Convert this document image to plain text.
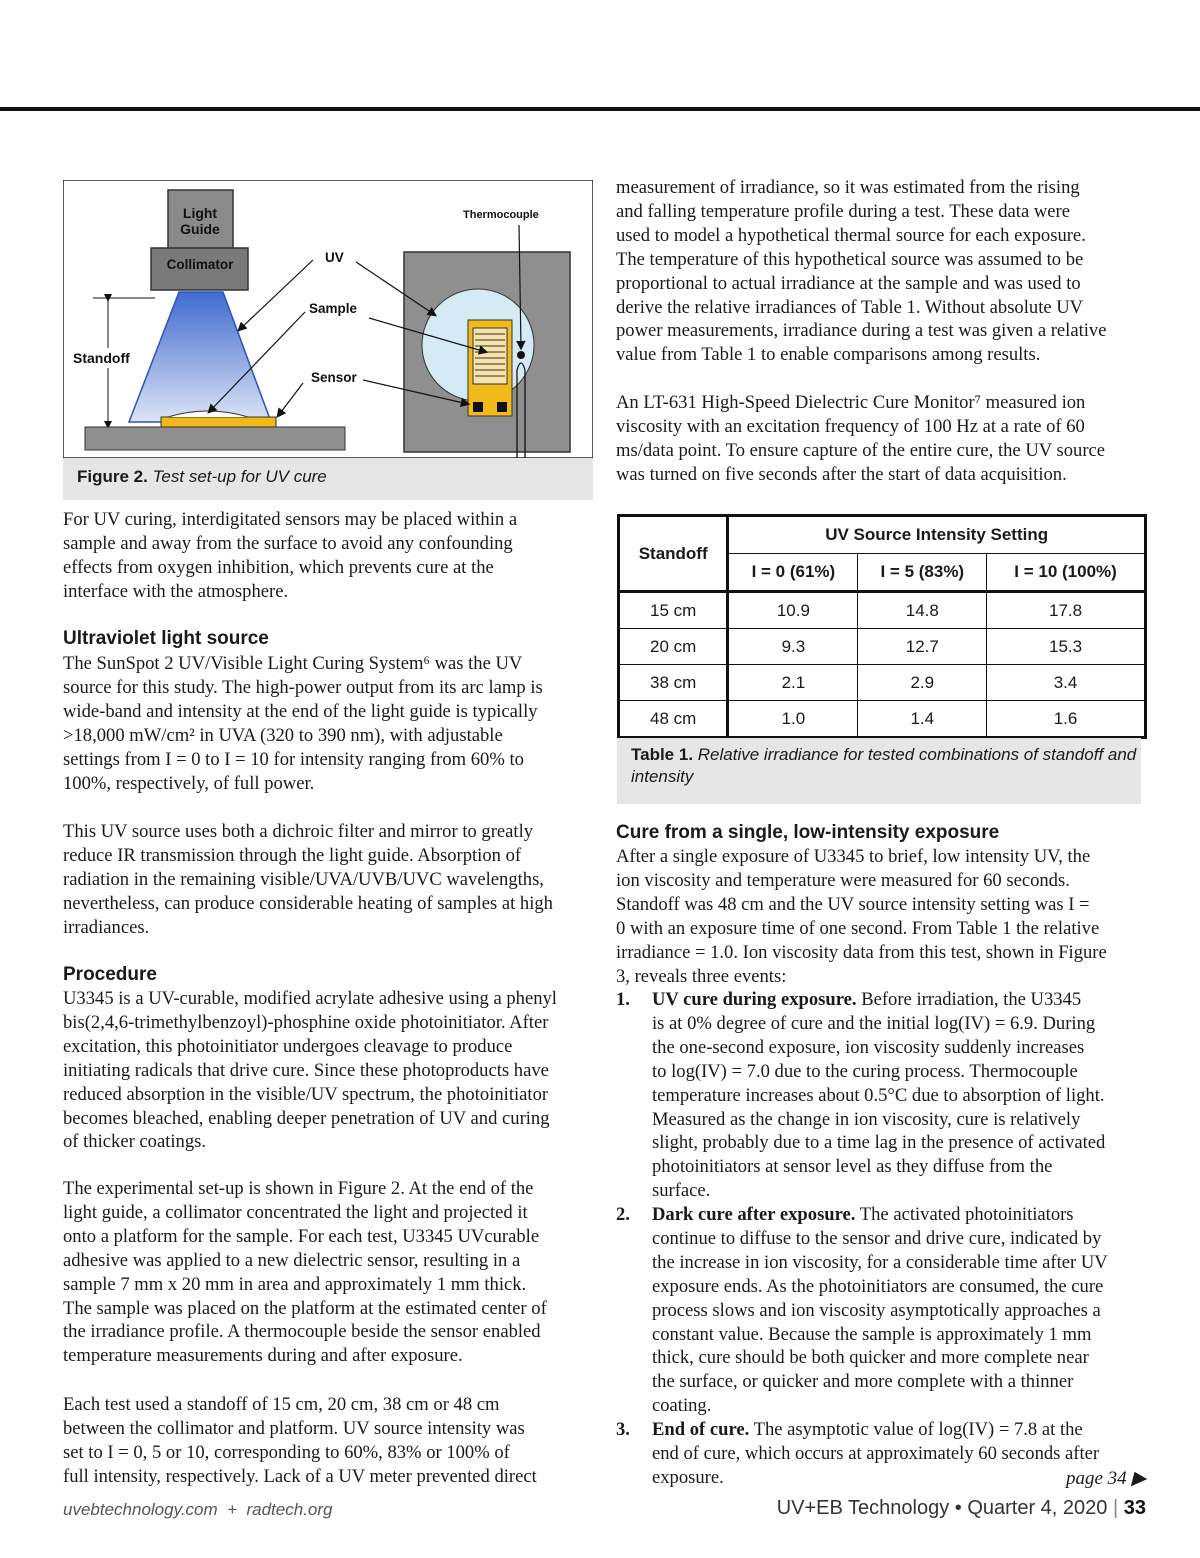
Light
Guide
Collimator
Standoff
UV
Sample
Sensor
Thermocouple
Figure 2. Test set-up for UV cure

For UV curing, interdigitated sensors may be placed within a
sample and away from the surface to avoid any confounding
effects from oxygen inhibition, which prevents cure at the
interface with the atmosphere.

Ultraviolet light source

The SunSpot 2 UV/Visible Light Curing System⁶ was the UV
source for this study. The high-power output from its arc lamp is
wide-band and intensity at the end of the light guide is typically
>18,000 mW/cm² in UVA (320 to 390 nm), with adjustable
settings from I = 0 to I = 10 for intensity ranging from 60% to
100%, respectively, of full power.

This UV source uses both a dichroic filter and mirror to greatly
reduce IR transmission through the light guide. Absorption of
radiation in the remaining visible/UVA/UVB/UVC wavelengths,
nevertheless, can produce considerable heating of samples at high
irradiances.

Procedure

U3345 is a UV-curable, modified acrylate adhesive using a phenyl
bis(2,4,6-trimethylbenzoyl)-phosphine oxide photoinitiator. After
excitation, this photoinitiator undergoes cleavage to produce
initiating radicals that drive cure. Since these photoproducts have
reduced absorption in the visible/UV spectrum, the photoinitiator
becomes bleached, enabling deeper penetration of UV and curing
of thicker coatings.

The experimental set-up is shown in Figure 2. At the end of the
light guide, a collimator concentrated the light and projected it
onto a platform for the sample. For each test, U3345 UVcurable
adhesive was applied to a new dielectric sensor, resulting in a
sample 7 mm x 20 mm in area and approximately 1 mm thick.
The sample was placed on the platform at the estimated center of
the irradiance profile. A thermocouple beside the sensor enabled
temperature measurements during and after exposure.

Each test used a standoff of 15 cm, 20 cm, 38 cm or 48 cm
between the collimator and platform. UV source intensity was
set to I = 0, 5 or 10, corresponding to 60%, 83% or 100% of
full intensity, respectively. Lack of a UV meter prevented direct

measurement of irradiance, so it was estimated from the rising
and falling temperature profile during a test. These data were
used to model a hypothetical thermal source for each exposure.
The temperature of this hypothetical source was assumed to be
proportional to actual irradiance at the sample and was used to
derive the relative irradiances of Table 1. Without absolute UV
power measurements, irradiance during a test was given a relative
value from Table 1 to enable comparisons among results.

An LT-631 High-Speed Dielectric Cure Monitor⁷ measured ion
viscosity with an excitation frequency of 100 Hz at a rate of 60
ms/data point. To ensure capture of the entire cure, the UV source
was turned on five seconds after the start of data acquisition.

Standoff	UV Source Intensity Setting		
	I = 0 (61%)	I = 5 (83%)	I = 10 (100%)
15 cm	10.9	14.8	17.8
20 cm	9.3	12.7	15.3
38 cm	2.1	2.9	3.4
48 cm	1.0	1.4	1.6
Table 1. Relative irradiance for tested combinations of standoff and intensity
Cure from a single, low-intensity exposure

After a single exposure of U3345 to brief, low intensity UV, the
ion viscosity and temperature were measured for 60 seconds.
Standoff was 48 cm and the UV source intensity setting was I =
0 with an exposure time of one second. From Table 1 the relative
irradiance = 1.0. Ion viscosity data from this test, shown in Figure
3, reveals three events:

1. UV cure during exposure. Before irradiation, the U3345
is at 0% degree of cure and the initial log(IV) = 6.9. During
the one-second exposure, ion viscosity suddenly increases
to log(IV) = 7.0 due to the curing process. Thermocouple
temperature increases about 0.5°C due to absorption of light.
Measured as the change in ion viscosity, cure is relatively
slight, probably due to a time lag in the presence of activated
photoinitiators at sensor level as they diffuse from the
surface.
2. Dark cure after exposure. The activated photoinitiators
continue to diffuse to the sensor and drive cure, indicated by
the increase in ion viscosity, for a considerable time after UV
exposure ends. As the photoinitiators are consumed, the cure
process slows and ion viscosity asymptotically approaches a
constant value. Because the sample is approximately 1 mm
thick, cure should be both quicker and more complete near
the surface, or quicker and more complete with a thinner
coating.
3. End of cure. The asymptotic value of log(IV) = 7.8 at the
end of cure, which occurs at approximately 60 seconds after
exposure.	page 34 ▶
uvebtechnology.com  +  radtech.org	UV+EB Technology • Quarter 4, 2020 | 33
